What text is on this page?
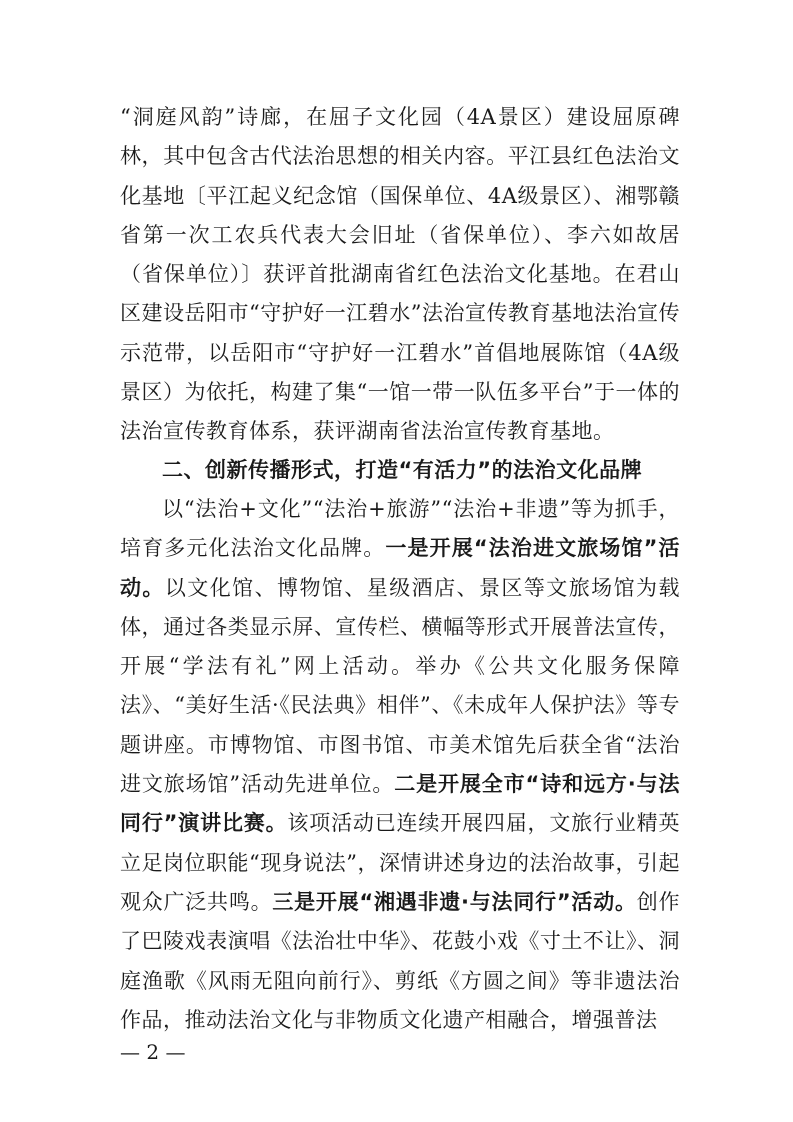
“洞庭风韵”诗廊，在屈子文化园（4A景区）建设屈原碑林，其中包含古代法治思想的相关内容。平江县红色法治文化基地〔平江起义纪念馆（国保单位、4A级景区）、湘鄂赣省第一次工农兵代表大会旧址（省保单位）、李六如故居（省保单位）〕获评首批湖南省红色法治文化基地。在君山区建设岳阳市“守护好一江碧水”法治宣传教育基地法治宣传示范带，以岳阳市“守护好一江碧水”首倡地展陈馆（4A级景区）为依托，构建了集“一馆一带一队伍多平台”于一体的法治宣传教育体系，获评湖南省法治宣传教育基地。
二、创新传播形式，打造“有活力”的法治文化品牌
以“法治+文化”“法治+旅游”“法治+非遗”等为抓手，培育多元化法治文化品牌。一是开展“法治进文旅场馆”活动。以文化馆、博物馆、星级酒店、景区等文旅场馆为载体，通过各类显示屏、宣传栏、横幅等形式开展普法宣传，开展“学法有礼”网上活动。举办《公共文化服务保障法》、“美好生活·《民法典》相伴”、《未成年人保护法》等专题讲座。市博物馆、市图书馆、市美术馆先后获全省“法治进文旅场馆”活动先进单位。二是开展全市“诗和远方·与法同行”演讲比赛。该项活动已连续开展四届，文旅行业精英立足岗位职能“现身说法”，深情讲述身边的法治故事，引起观众广泛共鸣。三是开展“湘遇非遗·与法同行”活动。创作了巴陵戏表演唱《法治壮中华》、花鼓小戏《寸土不让》、洞庭渔歌《风雨无阻向前行》、剪纸《方圆之间》等非遗法治作品，推动法治文化与非物质文化遗产相融合，增强普法
— 2 —
